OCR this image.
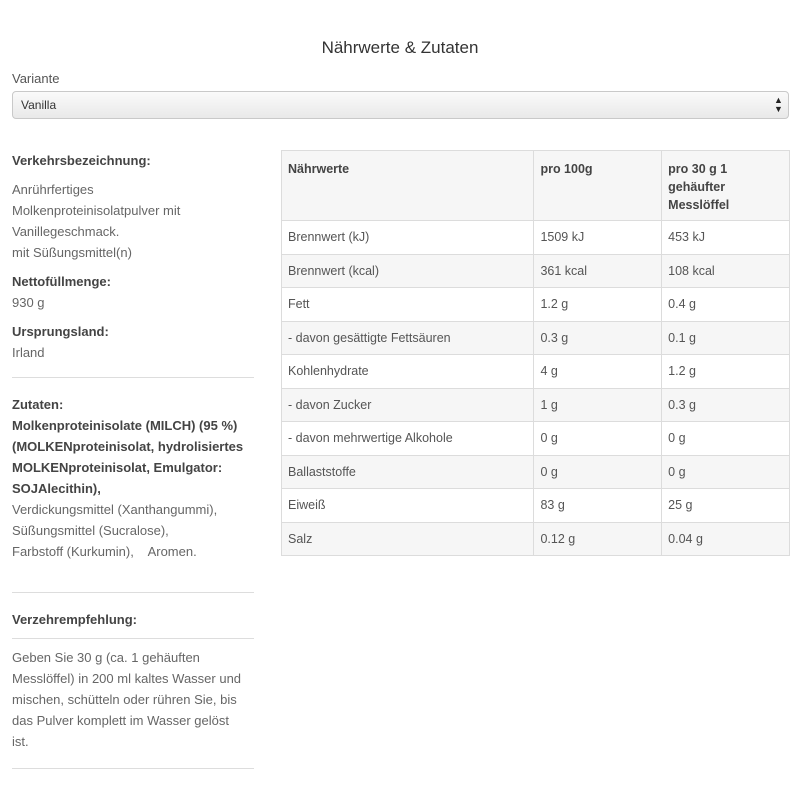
Nährwerte & Zutaten
Variante
Vanilla	▲
▼
Verkehrsbezeichnung:
Anrührfertiges
Molkenproteinisolatpulver mit
Vanillegeschmack.
mit Süßungsmittel(n)
Nettofüllmenge:
930 g
Ursprungsland:
Irland
Zutaten:
Molkenproteinisolate (MILCH) (95 %)
(MOLKENproteinisolat, hydrolisiertes
MOLKENproteinisolat, Emulgator:
SOJAlecithin),
Verdickungsmittel (Xanthangummi),
Süßungsmittel (Sucralose),
Farbstoff (Kurkumin),    Aromen.
Verzehrempfehlung:
Geben Sie 30 g (ca. 1 gehäuften
Messlöffel) in 200 ml kaltes Wasser und
mischen, schütteln oder rühren Sie, bis
das Pulver komplett im Wasser gelöst
ist.
Nährwerte	pro 100g	pro 30 g 1 gehäufter Messlöffel
Brennwert (kJ)	1509 kJ	453 kJ
Brennwert (kcal)	361 kcal	108 kcal
Fett	1.2 g	0.4 g
- davon gesättigte Fettsäuren	0.3 g	0.1 g
Kohlenhydrate	4 g	1.2 g
- davon Zucker	1 g	0.3 g
- davon mehrwertige Alkohole	0 g	0 g
Ballaststoffe	0 g	0 g
Eiweiß	83 g	25 g
Salz	0.12 g	0.04 g
